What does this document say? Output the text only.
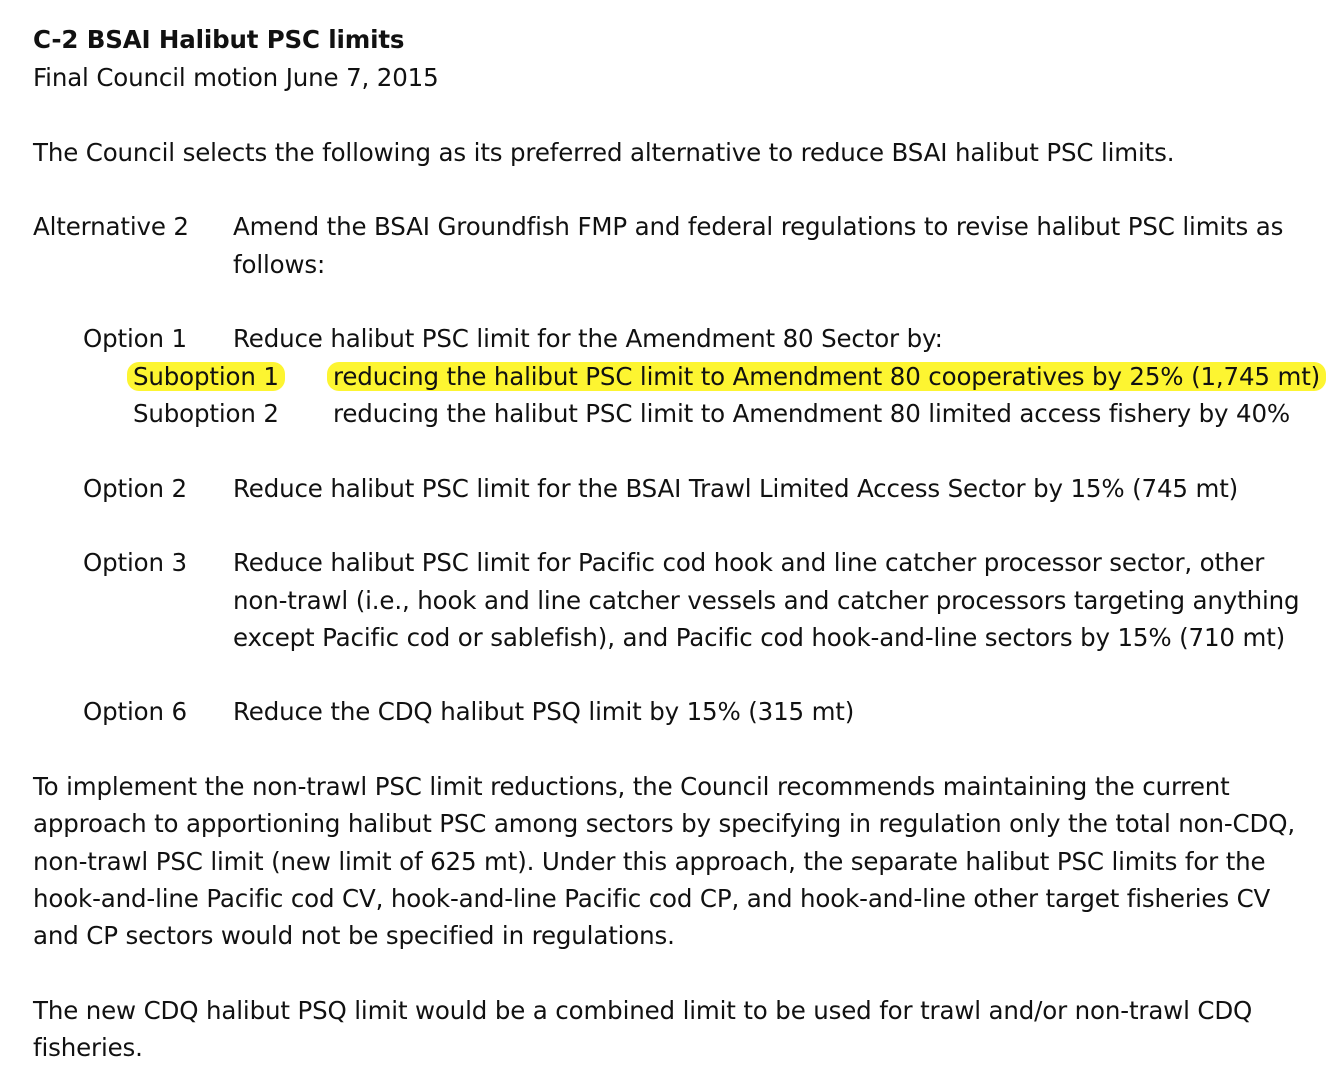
C-2 BSAI Halibut PSC limits
Final Council motion June 7, 2015
The Council selects the following as its preferred alternative to reduce BSAI halibut PSC limits.
Alternative 2 Amend the BSAI Groundfish FMP and federal regulations to revise halibut PSC limits as
follows:
Option 1 Reduce halibut PSC limit for the Amendment 80 Sector by:
Suboption 1 reducing the halibut PSC limit to Amendment 80 cooperatives by 25% (1,745 mt)
Suboption 2 reducing the halibut PSC limit to Amendment 80 limited access fishery by 40%
Option 2 Reduce halibut PSC limit for the BSAI Trawl Limited Access Sector by 15% (745 mt)
Option 3 Reduce halibut PSC limit for Pacific cod hook and line catcher processor sector, other
non-trawl (i.e., hook and line catcher vessels and catcher processors targeting anything
except Pacific cod or sablefish), and Pacific cod hook-and-line sectors by 15% (710 mt)
Option 6 Reduce the CDQ halibut PSQ limit by 15% (315 mt)
To implement the non-trawl PSC limit reductions, the Council recommends maintaining the current
approach to apportioning halibut PSC among sectors by specifying in regulation only the total non-CDQ,
non-trawl PSC limit (new limit of 625 mt). Under this approach, the separate halibut PSC limits for the
hook-and-line Pacific cod CV, hook-and-line Pacific cod CP, and hook-and-line other target fisheries CV
and CP sectors would not be specified in regulations.
The new CDQ halibut PSQ limit would be a combined limit to be used for trawl and/or non-trawl CDQ
fisheries.
